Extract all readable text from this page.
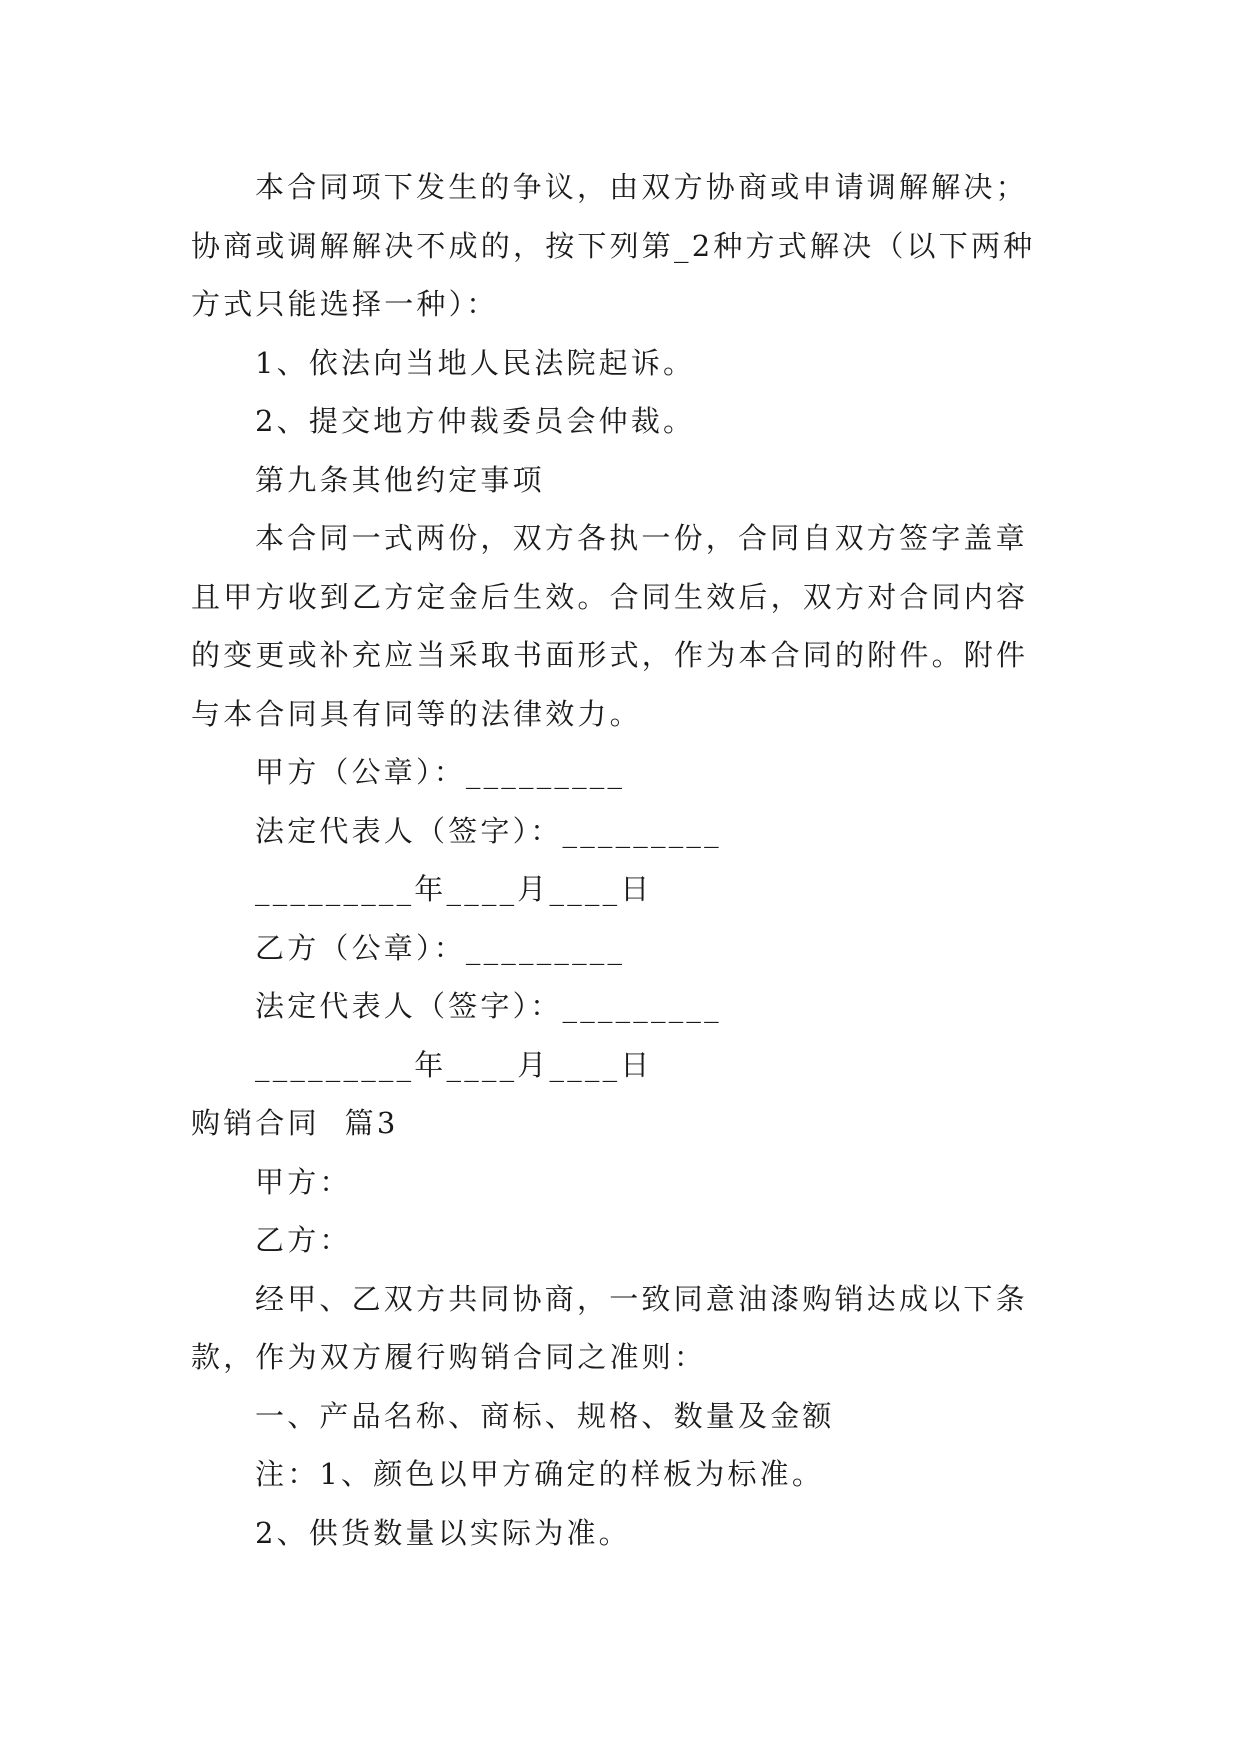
本合同项下发生的争议，由双方协商或申请调解解决；
协商或调解解决不成的，按下列第_2种方式解决（以下两种
方式只能选择一种）：
1、依法向当地人民法院起诉。
2、提交地方仲裁委员会仲裁。
第九条其他约定事项
本合同一式两份，双方各执一份，合同自双方签字盖章
且甲方收到乙方定金后生效。合同生效后，双方对合同内容
的变更或补充应当采取书面形式，作为本合同的附件。附件
与本合同具有同等的法律效力。
甲方（公章）：_________
法定代表人（签字）：_________
_________年____月____日
乙方（公章）：_________
法定代表人（签字）：_________
_________年____月____日
购销合同  篇3
甲方：
乙方：
经甲、乙双方共同协商，一致同意油漆购销达成以下条
款，作为双方履行购销合同之准则：
一、产品名称、商标、规格、数量及金额
注：1、颜色以甲方确定的样板为标准。
2、供货数量以实际为准。
